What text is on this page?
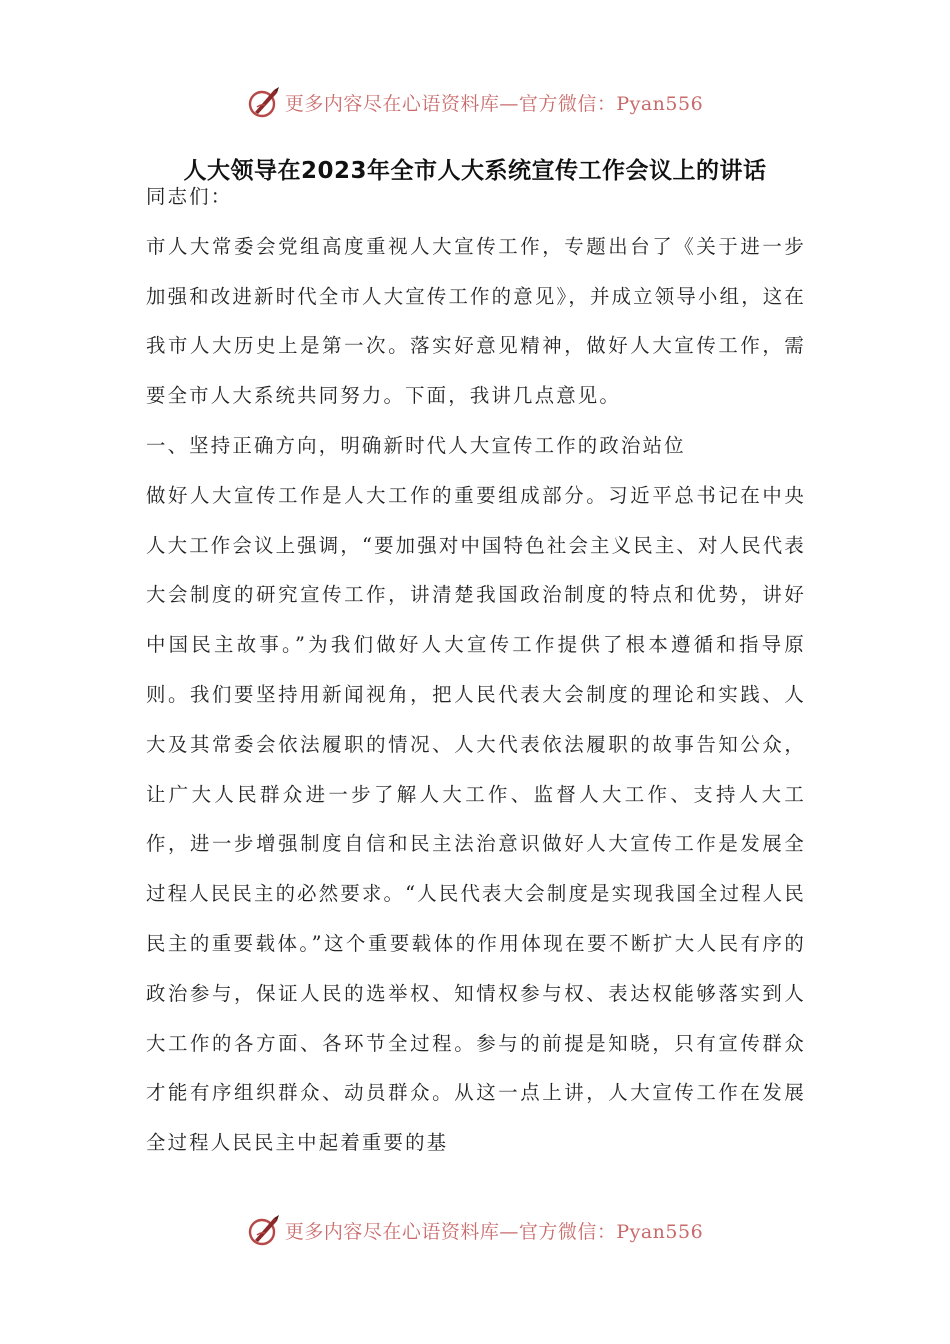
更多内容尽在心语资料库—官方微信：Pyan556
人大领导在2023年全市人大系统宣传工作会议上的讲话

同志们：

市人大常委会党组高度重视人大宣传工作，专题出台了《关于进一步加强和改进新时代全市人大宣传工作的意见》，并成立领导小组，这在我市人大历史上是第一次。落实好意见精神，做好人大宣传工作，需要全市人大系统共同努力。下面，我讲几点意见。

一、坚持正确方向，明确新时代人大宣传工作的政治站位

做好人大宣传工作是人大工作的重要组成部分。习近平总书记在中央人大工作会议上强调，“要加强对中国特色社会主义民主、对人民代表大会制度的研究宣传工作，讲清楚我国政治制度的特点和优势，讲好中国民主故事。”为我们做好人大宣传工作提供了根本遵循和指导原则。我们要坚持用新闻视角，把人民代表大会制度的理论和实践、人大及其常委会依法履职的情况、人大代表依法履职的故事告知公众，让广大人民群众进一步了解人大工作、监督人大工作、支持人大工作，进一步增强制度自信和民主法治意识做好人大宣传工作是发展全过程人民民主的必然要求。“人民代表大会制度是实现我国全过程人民民主的重要载体。”这个重要载体的作用体现在要不断扩大人民有序的政治参与，保证人民的选举权、知情权参与权、表达权能够落实到人大工作的各方面、各环节全过程。参与的前提是知晓，只有宣传群众才能有序组织群众、动员群众。从这一点上讲，人大宣传工作在发展全过程人民民主中起着重要的基

更多内容尽在心语资料库—官方微信：Pyan556
